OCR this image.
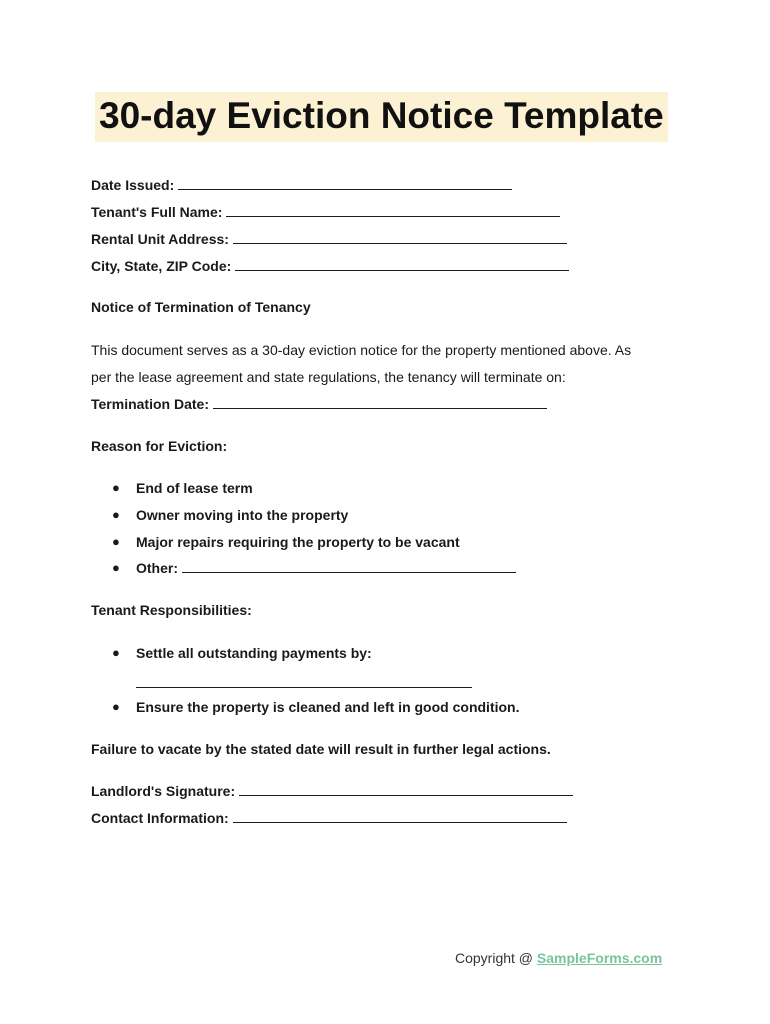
30-day Eviction Notice Template
Date Issued:
Tenant's Full Name:
Rental Unit Address:
City, State, ZIP Code:
Notice of Termination of Tenancy
This document serves as a 30-day eviction notice for the property mentioned above. As
per the lease agreement and state regulations, the tenancy will terminate on:
Termination Date:
Reason for Eviction:
● End of lease term
● Owner moving into the property
● Major repairs requiring the property to be vacant
● Other:
Tenant Responsibilities:
● Settle all outstanding payments by:
● Ensure the property is cleaned and left in good condition.
Failure to vacate by the stated date will result in further legal actions.
Landlord's Signature:
Contact Information:
Copyright @ SampleForms.com
